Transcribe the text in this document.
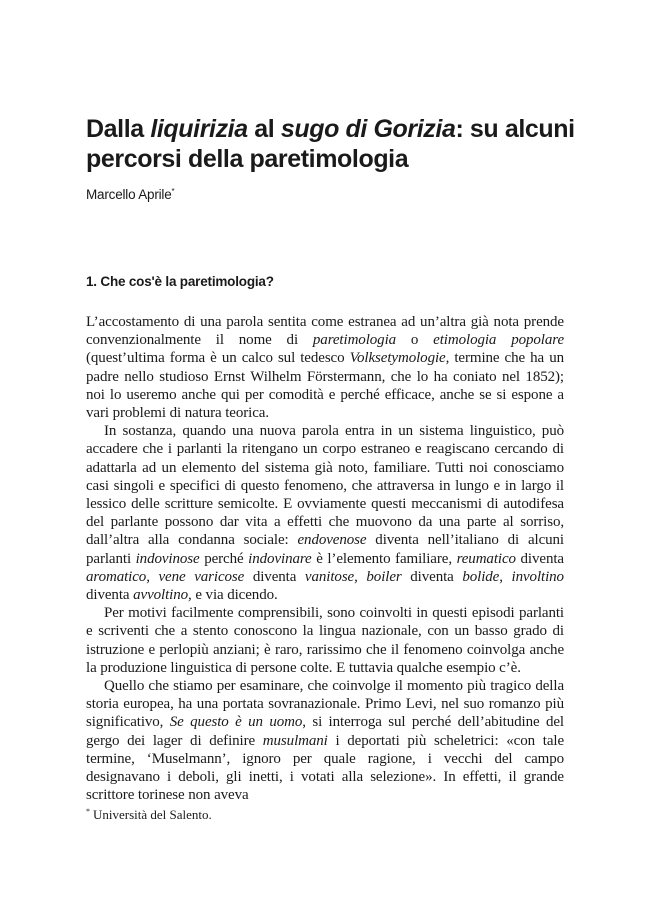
Dalla liquirizia al sugo di Gorizia: su alcuni percorsi della paretimologia
Marcello Aprile*
1. Che cos'è la paretimologia?

L’accostamento di una parola sentita come estranea ad un’altra già nota prende convenzionalmente il nome di paretimologia o etimologia popolare (quest’ultima forma è un calco sul tedesco Volksetymologie, termine che ha un padre nello studioso Ernst Wilhelm Förstermann, che lo ha coniato nel 1852); noi lo useremo anche qui per comodità e perché efficace, anche se si espone a vari problemi di natura teorica.

In sostanza, quando una nuova parola entra in un sistema linguistico, può accadere che i parlanti la ritengano un corpo estraneo e reagiscano cercando di adattarla ad un elemento del sistema già noto, familiare. Tutti noi conosciamo casi singoli e specifici di questo fenomeno, che attraversa in lungo e in largo il lessico delle scritture semicolte. E ovviamente questi meccanismi di autodifesa del parlante possono dar vita a effetti che muovono da una parte al sorriso, dall’altra alla condanna sociale: endovenose diventa nell’italiano di alcuni parlanti indovinose perché indovinare è l’elemento familiare, reumatico diventa aromatico, vene varicose diventa vanitose, boiler diventa bolide, involtino diventa avvoltino, e via dicendo.

Per motivi facilmente comprensibili, sono coinvolti in questi episodi parlanti e scriventi che a stento conoscono la lingua nazionale, con un basso grado di istruzione e perlopiù anziani; è raro, rarissimo che il fenomeno coinvolga anche la produzione linguistica di persone colte. E tuttavia qualche esempio c’è.

Quello che stiamo per esaminare, che coinvolge il momento più tragico della storia europea, ha una portata sovranazionale. Primo Levi, nel suo romanzo più significativo, Se questo è un uomo, si interroga sul perché dell’abitudine del gergo dei lager di definire musulmani i deportati più scheletrici: «con tale termine, ‘Muselmann’, ignoro per quale ragione, i vecchi del campo designavano i deboli, gli inetti, i votati alla selezione». In effetti, il grande scrittore torinese non aveva

* Università del Salento.
